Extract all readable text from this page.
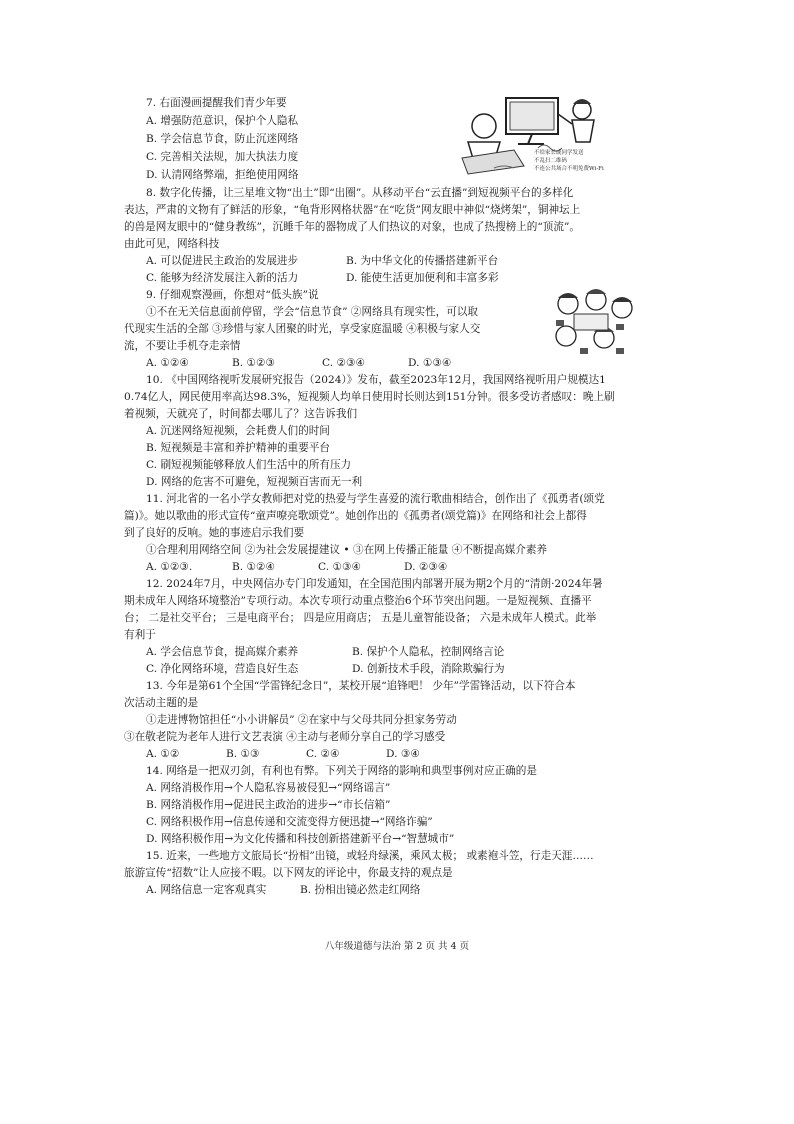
7. 右面漫画提醒我们青少年要
A. 增强防范意识，保护个人隐私
B. 学会信息节食，防止沉迷网络
C. 完善相关法规，加大执法力度
D. 认清网络弊端，拒绝使用网络
不给家长或同学发送
不乱扫二维码
不连公共场合不明免费Wi-Fi
8. 数字化传播，让三星堆文物“出土”即“出圈”。从移动平台“云直播”到短视频平台的多样化
表达，严肃的文物有了鲜活的形象，“龟背形网格状器”在“吃货”网友眼中神似“烧烤架”，铜神坛上
的兽是网友眼中的“健身教练”，沉睡千年的器物成了人们热议的对象，也成了热搜榜上的“顶流”。
由此可见，网络科技
A. 可以促进民主政治的发展进步	B. 为中华文化的传播搭建新平台
C. 能够为经济发展注入新的活力	D. 能使生活更加便利和丰富多彩
9. 仔细观察漫画，你想对“低头族”说
①不在无关信息面前停留，学会“信息节食” ②网络具有现实性，可以取
代现实生活的全部 ③珍惜与家人团聚的时光，享受家庭温暖 ④积极与家人交
流，不要让手机夺走亲情
A. ①②④	B. ①②③	C. ②③④	D. ①③④
10. 《中国网络视听发展研究报告（2024）》发布，截至2023年12月，我国网络视听用户规模达1
0.74亿人，网民使用率高达98.3%，短视频人均单日使用时长则达到151分钟。很多受访者感叹：晚上刷
着视频，天就亮了，时间都去哪儿了？这告诉我们
A. 沉迷网络短视频，会耗费人们的时间
B. 短视频是丰富和养护精神的重要平台
C. 刷短视频能够释放人们生活中的所有压力
D. 网络的危害不可避免，短视频百害而无一利
11. 河北省的一名小学女教师把对党的热爱与学生喜爱的流行歌曲相结合，创作出了《孤勇者(颂党
篇)》。她以歌曲的形式宣传“童声嘹亮歌颂党”。她创作出的《孤勇者(颂党篇)》在网络和社会上都得
到了良好的反响。她的事迹启示我们要
①合理利用网络空间 ②为社会发展提建议 • ③在网上传播正能量 ④不断提高媒介素养
A. ①②③.	B. ①②④	C. ①③④	D. ②③④
12. 2024年7月，中央网信办专门印发通知，在全国范围内部署开展为期2个月的“清朗·2024年暑
期未成年人网络环境整治”专项行动。本次专项行动重点整治6个环节突出问题。一是短视频、直播平
台； 二是社交平台； 三是电商平台； 四是应用商店； 五是儿童智能设备； 六是未成年人模式。此举
有利于
A. 学会信息节食，提高媒介素养	B. 保护个人隐私，控制网络言论
C. 净化网络环境，营造良好生态	D. 创新技术手段，消除欺骗行为
13. 今年是第61个全国“学雷锋纪念日”，某校开展“追锋吧！ 少年”学雷锋活动，以下符合本
次活动主题的是
①走进博物馆担任“小小讲解员” ②在家中与父母共同分担家务劳动
③在敬老院为老年人进行文艺表演 ④主动与老师分享自己的学习感受
A. ①②	B. ①③	C. ②④	D. ③④
14. 网络是一把双刃剑，有利也有弊。下列关于网络的影响和典型事例对应正确的是
A. 网络消极作用→个人隐私容易被侵犯→“网络谣言”
B. 网络消极作用→促进民主政治的进步→“市长信箱”
C. 网络积极作用→信息传递和交流变得方便迅捷→“网络诈骗”
D. 网络积极作用→为文化传播和科技创新搭建新平台→“智慧城市”
15. 近来，一些地方文旅局长“扮相”出镜，或轻舟绿溪，乘风太极； 或素袍斗笠，行走天涯……
旅游宣传“招数”让人应接不暇。以下网友的评论中，你最支持的观点是
A. 网络信息一定客观真实	B. 扮相出镜必然走红网络
八年级道德与法治 第 2 页 共 4 页
